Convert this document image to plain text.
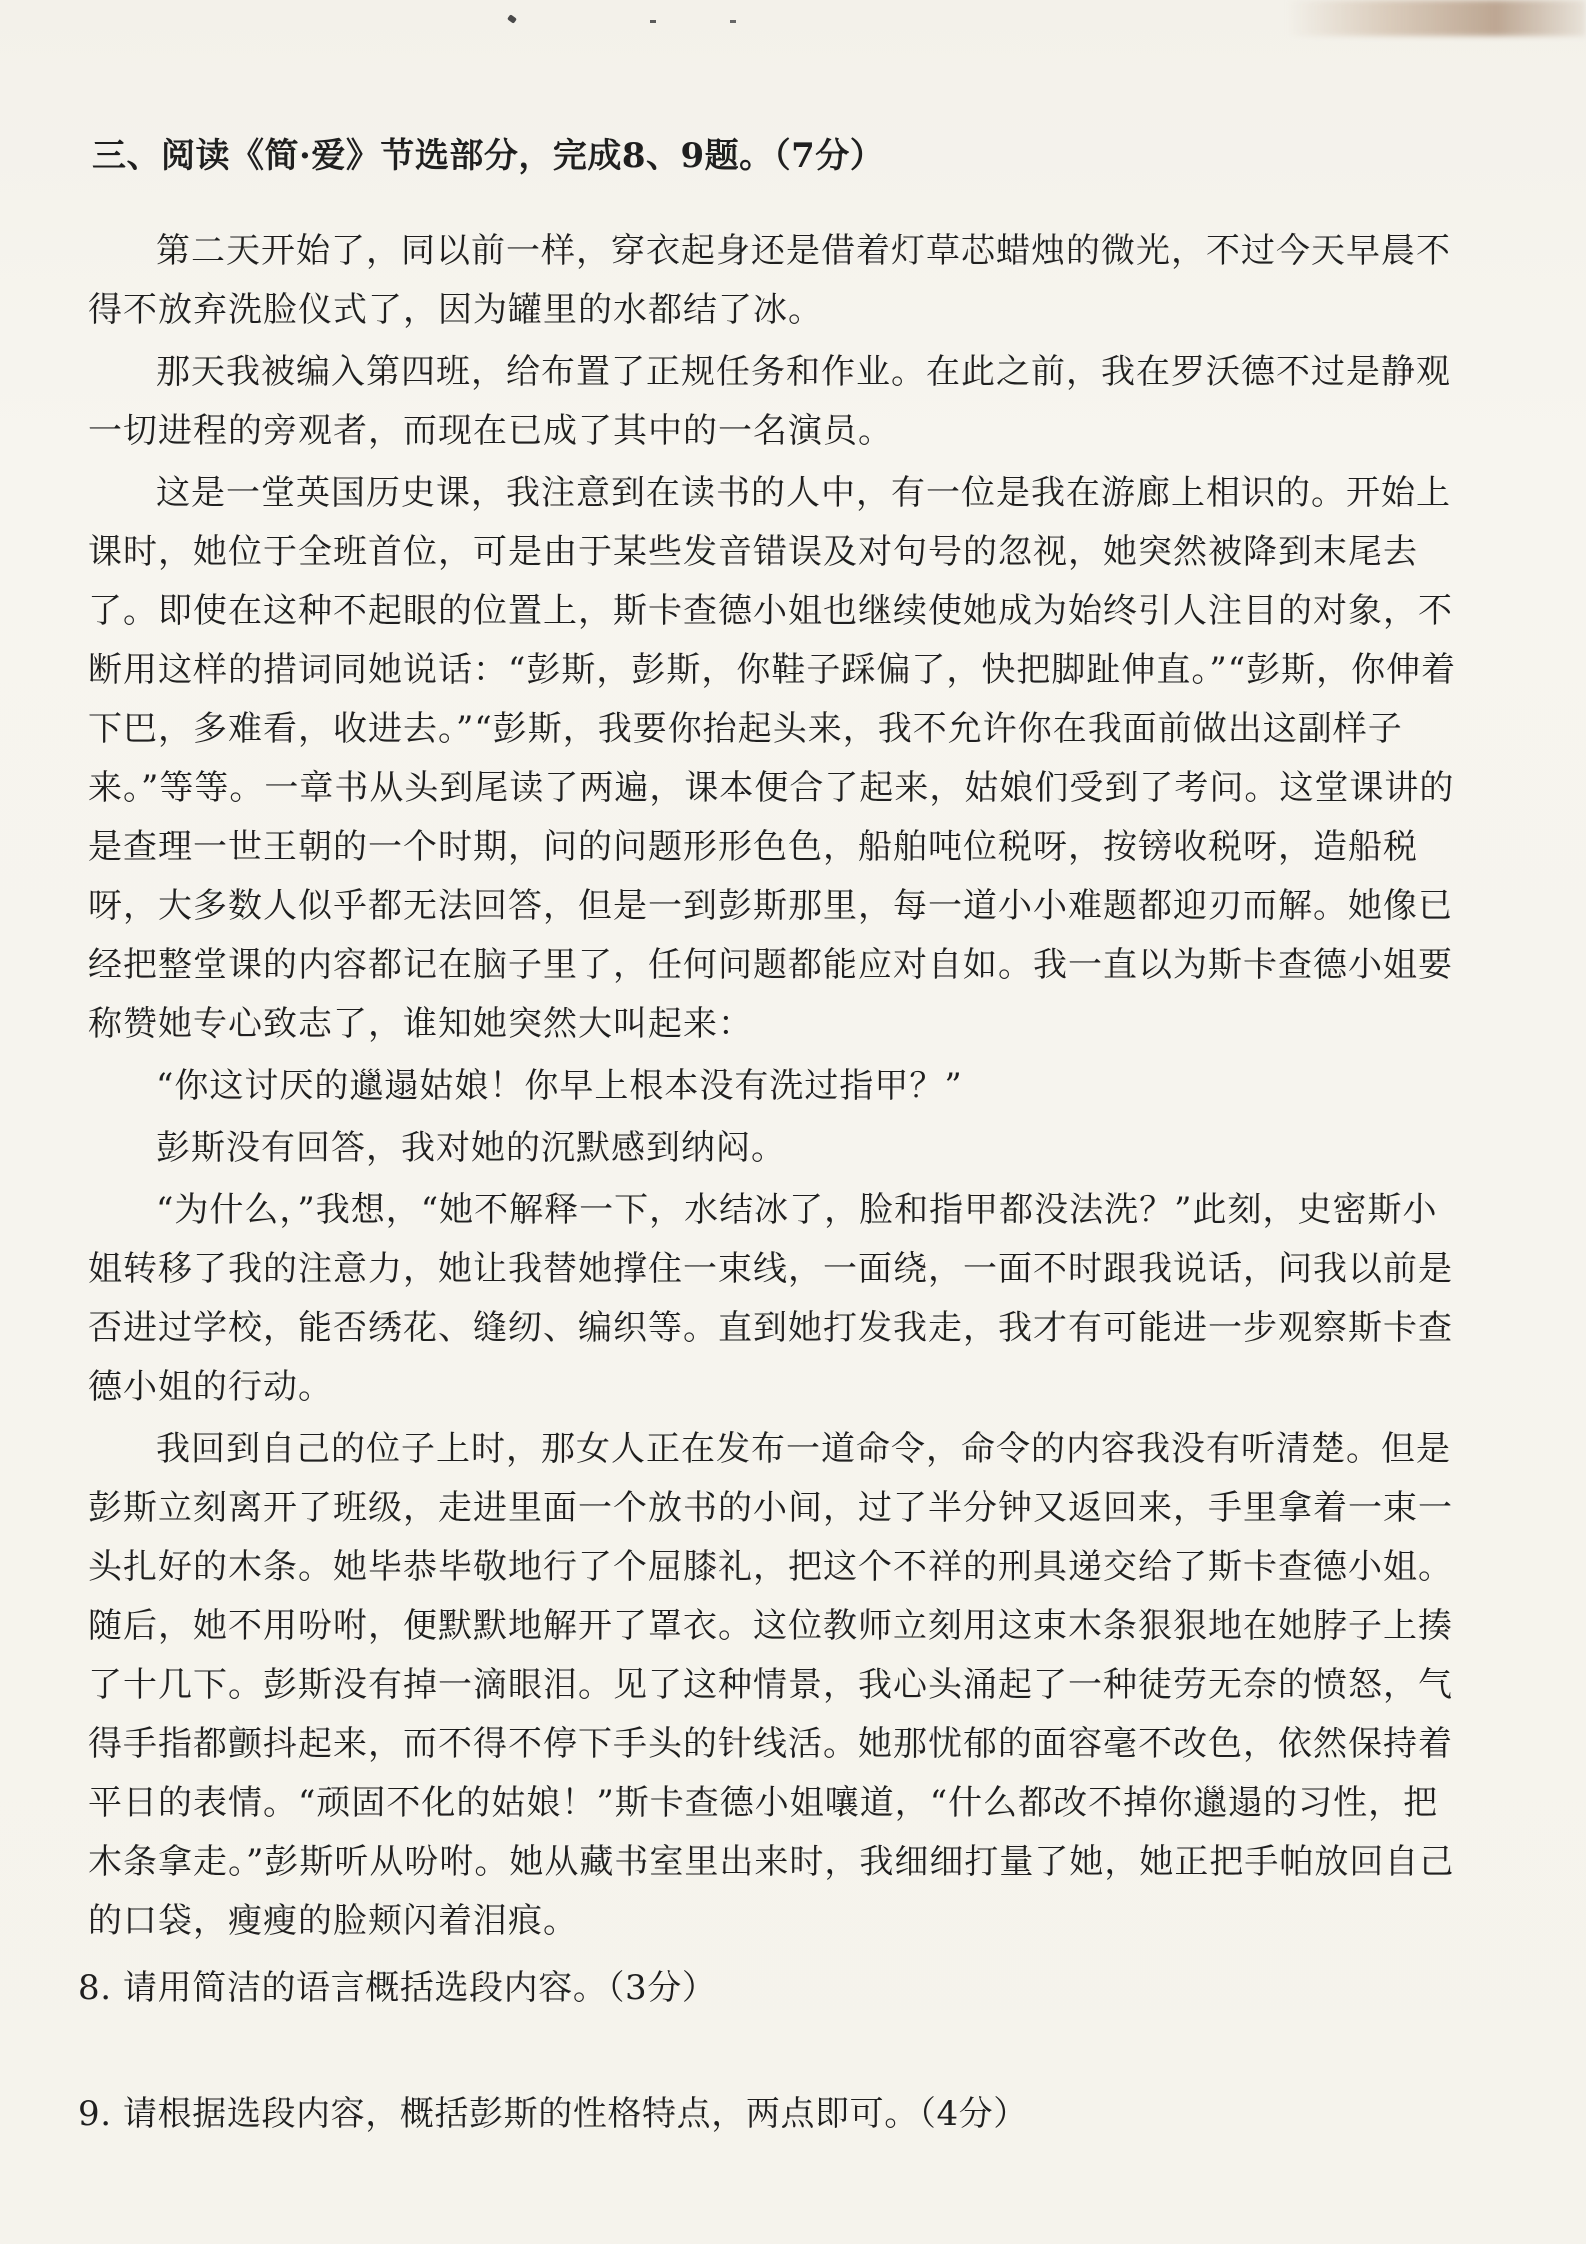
三、阅读《简·爱》节选部分，完成8、9题。（7分）

第二天开始了，同以前一样，穿衣起身还是借着灯草芯蜡烛的微光，不过今天早晨不得不放弃洗脸仪式了，因为罐里的水都结了冰。

那天我被编入第四班，给布置了正规任务和作业。在此之前，我在罗沃德不过是静观一切进程的旁观者，而现在已成了其中的一名演员。

这是一堂英国历史课，我注意到在读书的人中，有一位是我在游廊上相识的。开始上课时，她位于全班首位，可是由于某些发音错误及对句号的忽视，她突然被降到末尾去了。即使在这种不起眼的位置上，斯卡查德小姐也继续使她成为始终引人注目的对象，不断用这样的措词同她说话：“彭斯，彭斯，你鞋子踩偏了，快把脚趾伸直。”“彭斯，你伸着下巴，多难看，收进去。”“彭斯，我要你抬起头来，我不允许你在我面前做出这副样子来。”等等。一章书从头到尾读了两遍，课本便合了起来，姑娘们受到了考问。这堂课讲的是查理一世王朝的一个时期，问的问题形形色色，船舶吨位税呀，按镑收税呀，造船税呀，大多数人似乎都无法回答，但是一到彭斯那里，每一道小小难题都迎刃而解。她像已经把整堂课的内容都记在脑子里了，任何问题都能应对自如。我一直以为斯卡查德小姐要称赞她专心致志了，谁知她突然大叫起来：

“你这讨厌的邋遢姑娘！你早上根本没有洗过指甲？”

彭斯没有回答，我对她的沉默感到纳闷。

“为什么，”我想，“她不解释一下，水结冰了，脸和指甲都没法洗？”此刻，史密斯小姐转移了我的注意力，她让我替她撑住一束线，一面绕，一面不时跟我说话，问我以前是否进过学校，能否绣花、缝纫、编织等。直到她打发我走，我才有可能进一步观察斯卡查德小姐的行动。

我回到自己的位子上时，那女人正在发布一道命令，命令的内容我没有听清楚。但是彭斯立刻离开了班级，走进里面一个放书的小间，过了半分钟又返回来，手里拿着一束一头扎好的木条。她毕恭毕敬地行了个屈膝礼，把这个不祥的刑具递交给了斯卡查德小姐。随后，她不用吩咐，便默默地解开了罩衣。这位教师立刻用这束木条狠狠地在她脖子上揍了十几下。彭斯没有掉一滴眼泪。见了这种情景，我心头涌起了一种徒劳无奈的愤怒，气得手指都颤抖起来，而不得不停下手头的针线活。她那忧郁的面容毫不改色，依然保持着平日的表情。“顽固不化的姑娘！”斯卡查德小姐嚷道，“什么都改不掉你邋遢的习性，把木条拿走。”彭斯听从吩咐。她从藏书室里出来时，我细细打量了她，她正把手帕放回自己的口袋，瘦瘦的脸颊闪着泪痕。

8. 请用简洁的语言概括选段内容。（3分）
9. 请根据选段内容，概括彭斯的性格特点，两点即可。（4分）
